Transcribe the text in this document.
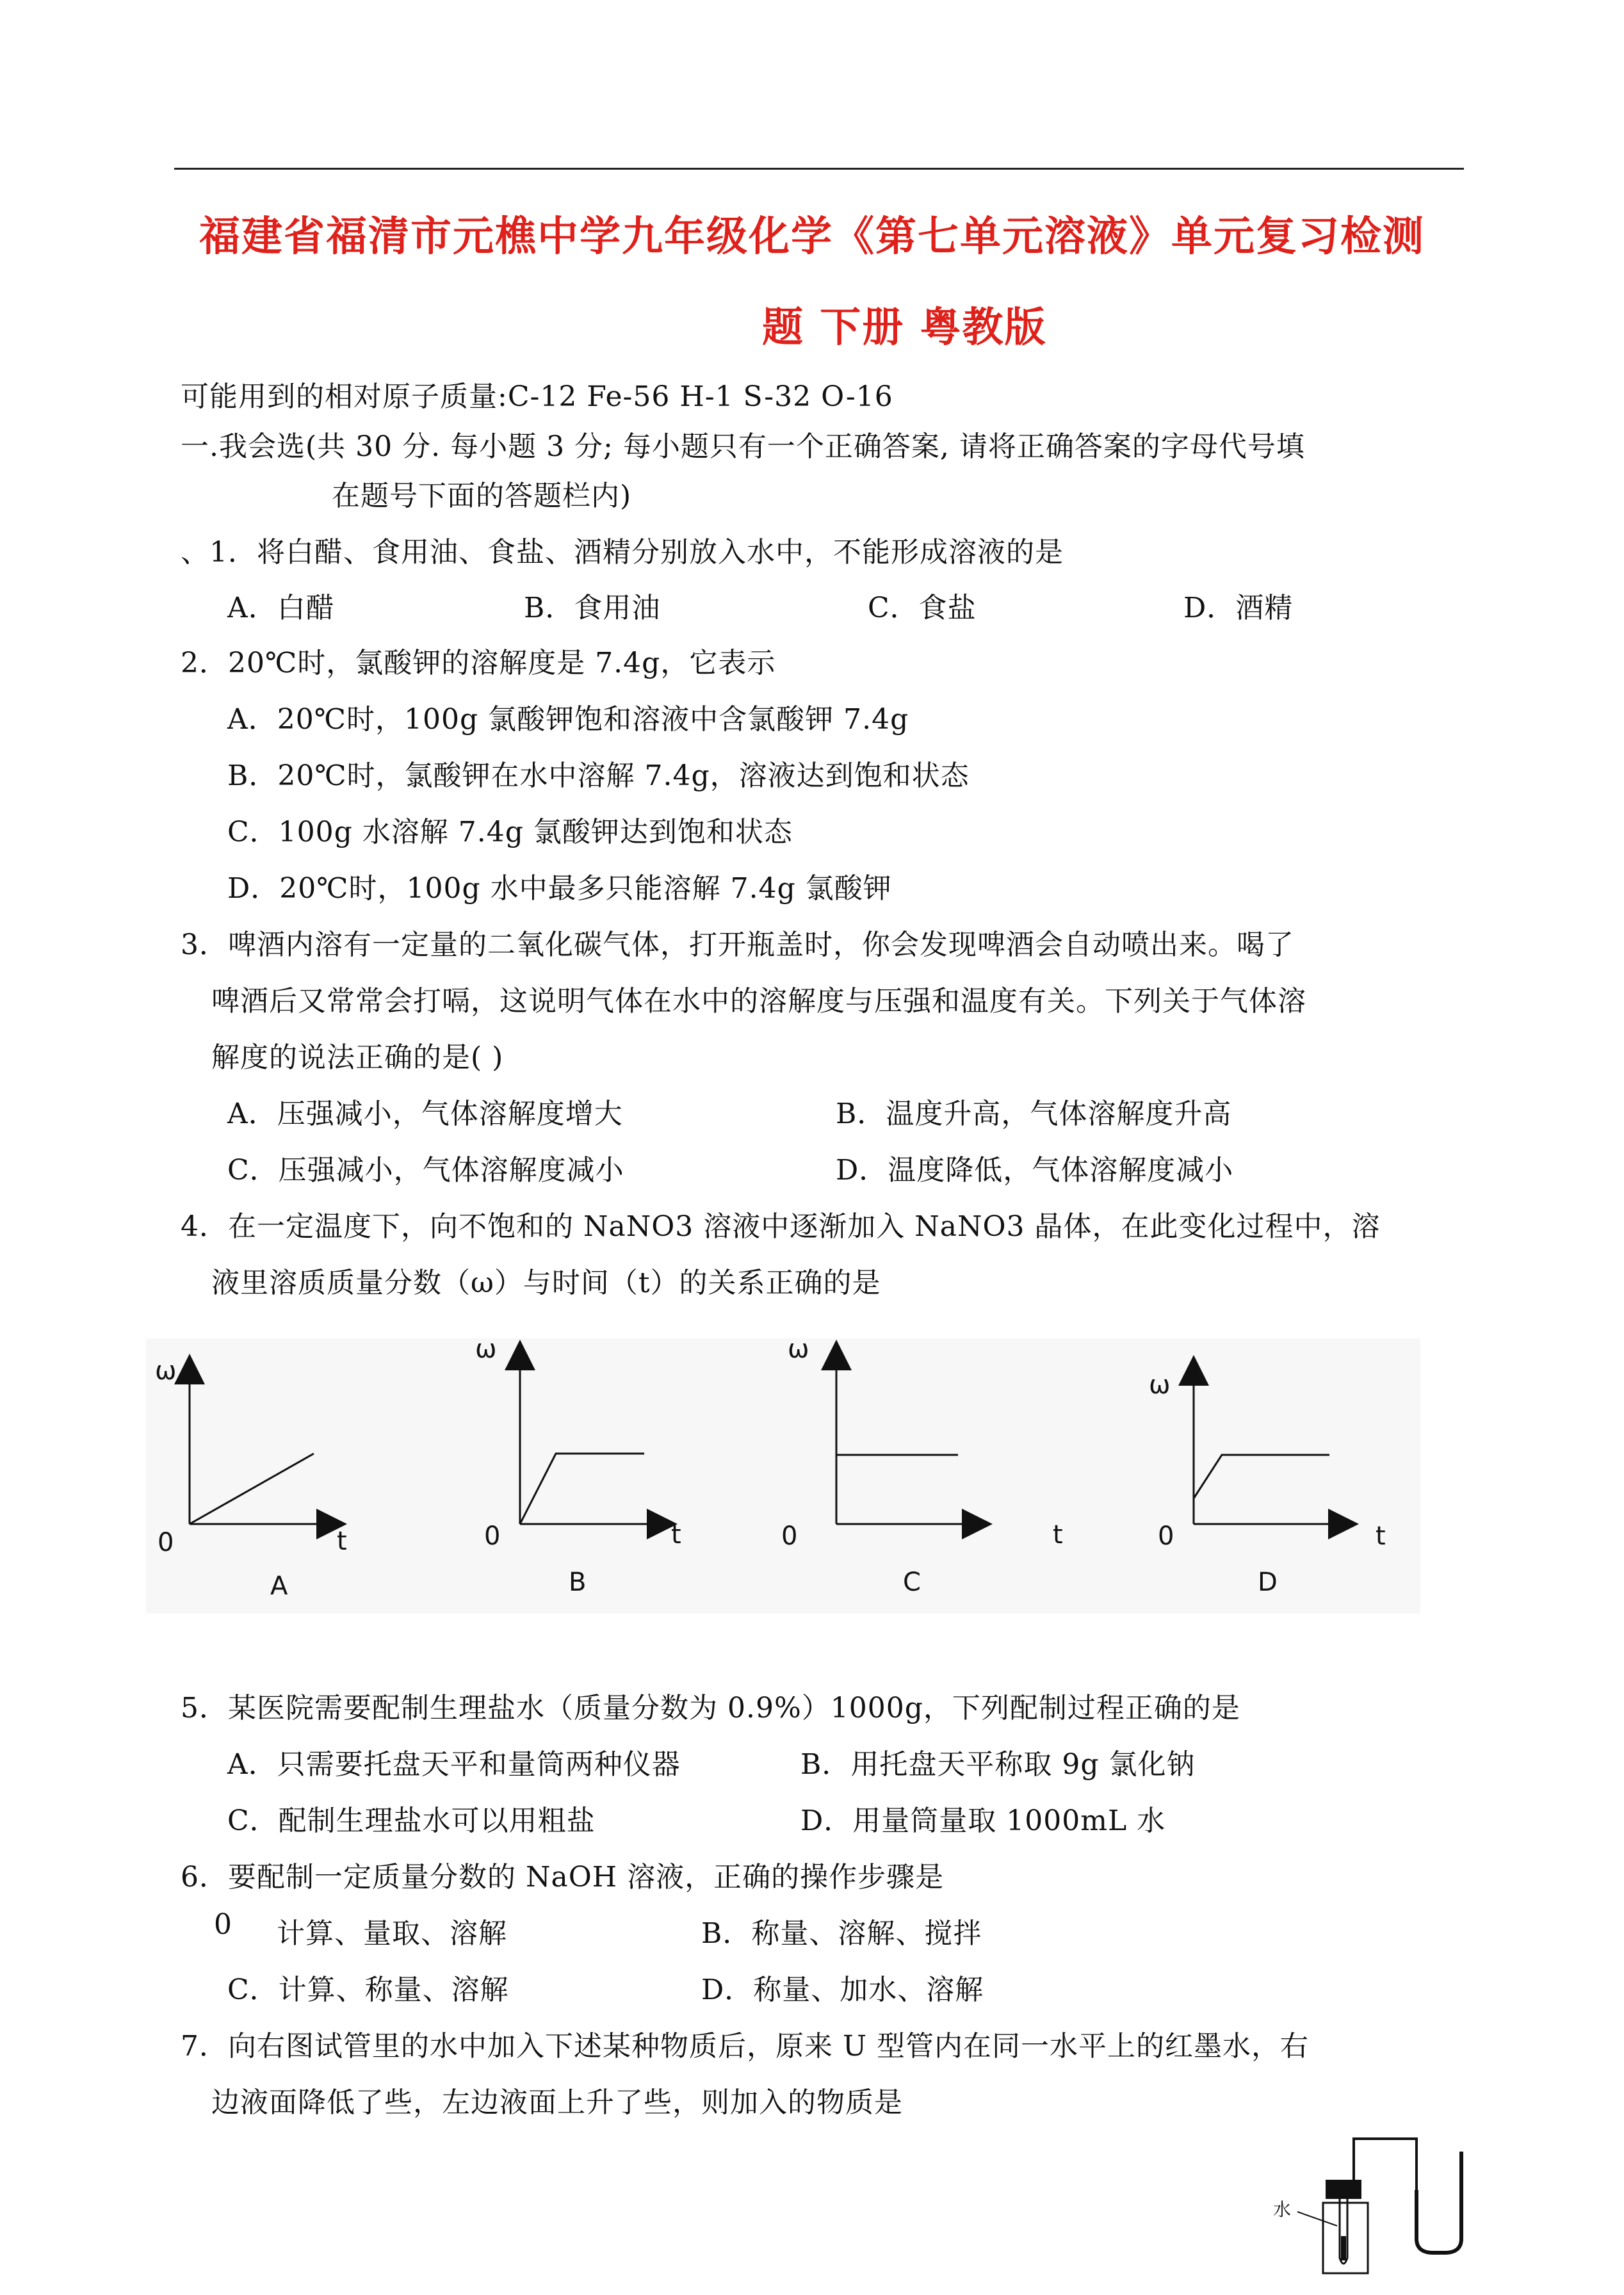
福建省福清市元樵中学九年级化学《第七单元溶液》单元复习检测
题 下册 粤教版
可能用到的相对原子质量:C-12 Fe-56 H-1 S-32 O-16
一.我会选(共 30 分. 每小题 3 分; 每小题只有一个正确答案, 请将正确答案的字母代号填
在题号下面的答题栏内)
、1．将白醋、食用油、食盐、酒精分别放入水中，不能形成溶液的是
A．白醋	B．食用油	C．食盐	D．酒精
2．20℃时，氯酸钾的溶解度是 7.4g，它表示
A．20℃时，100g 氯酸钾饱和溶液中含氯酸钾 7.4g
B．20℃时，氯酸钾在水中溶解 7.4g，溶液达到饱和状态
C．100g 水溶解 7.4g 氯酸钾达到饱和状态
D．20℃时，100g 水中最多只能溶解 7.4g 氯酸钾
3．啤酒内溶有一定量的二氧化碳气体，打开瓶盖时，你会发现啤酒会自动喷出来。喝了
啤酒后又常常会打嗝，这说明气体在水中的溶解度与压强和温度有关。下列关于气体溶
解度的说法正确的是( )
A．压强减小，气体溶解度增大	B．温度升高，气体溶解度升高
C．压强减小，气体溶解度减小	D．温度降低，气体溶解度减小
4．在一定温度下，向不饱和的 NaNO3 溶液中逐渐加入 NaNO3 晶体，在此变化过程中，溶
液里溶质质量分数（ω）与时间（t）的关系正确的是
ω
0	t
A
ω
0	t
B
ω
0	t
C
ω
0	t
D
5．某医院需要配制生理盐水（质量分数为 0.9%）1000g，下列配制过程正确的是
A．只需要托盘天平和量筒两种仪器	B．用托盘天平称取 9g 氯化钠
C．配制生理盐水可以用粗盐	D．用量筒量取 1000mL 水
6．要配制一定质量分数的 NaOH 溶液，正确的操作步骤是
0 计算、量取、溶解	B．称量、溶解、搅拌
C．计算、称量、溶解	D．称量、加水、溶解
7．向右图试管里的水中加入下述某种物质后，原来 U 型管内在同一水平上的红墨水，右
边液面降低了些，左边液面上升了些，则加入的物质是
水
